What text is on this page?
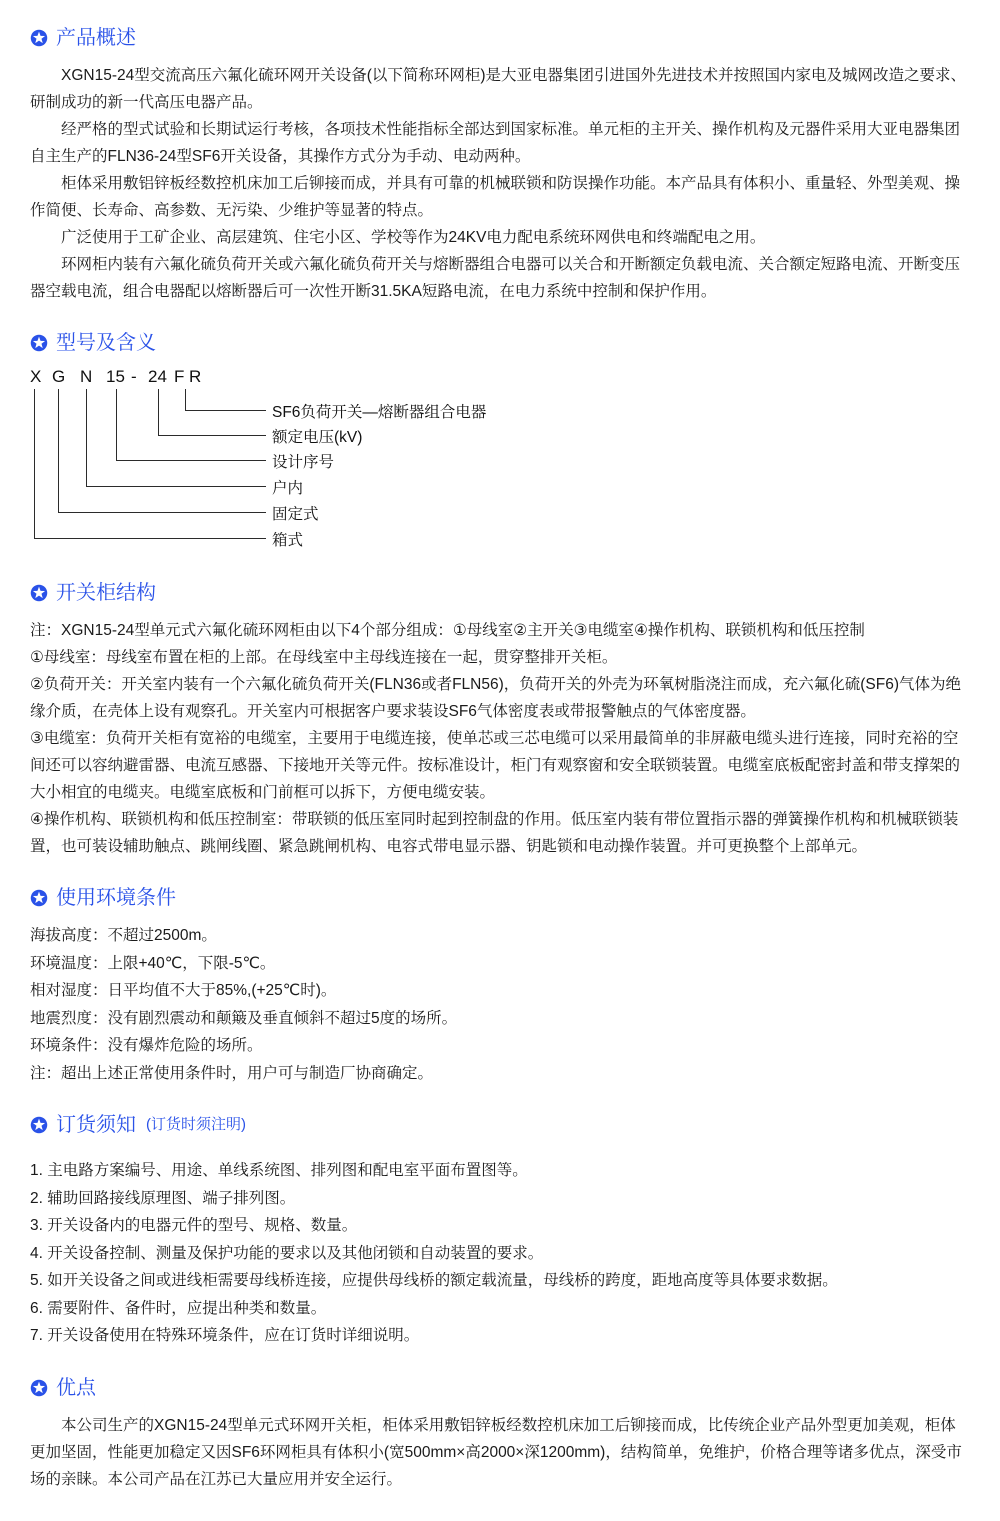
产品概述

XGN15-24型交流高压六氟化硫环网开关设备(以下简称环网柜)是大亚电器集团引进国外先进技术并按照国内家电及城网改造之要求、研制成功的新一代高压电器产品。

经严格的型式试验和长期试运行考核，各项技术性能指标全部达到国家标准。单元柜的主开关、操作机构及元器件采用大亚电器集团自主生产的FLN36-24型SF6开关设备，其操作方式分为手动、电动两种。

柜体采用敷铝锌板经数控机床加工后铆接而成，并具有可靠的机械联锁和防误操作功能。本产品具有体积小、重量轻、外型美观、操作简便、长寿命、高参数、无污染、少维护等显著的特点。

广泛使用于工矿企业、高层建筑、住宅小区、学校等作为24KV电力配电系统环网供电和终端配电之用。

环网柜内装有六氟化硫负荷开关或六氟化硫负荷开关与熔断器组合电器可以关合和开断额定负载电流、关合额定短路电流、开断变压器空载电流，组合电器配以熔断器后可一次性开断31.5KA短路电流，在电力系统中控制和保护作用。

型号及含义
X G N 15 - 24 F R
SF6负荷开关—熔断器组合电器
额定电压(kV)
设计序号
户内
固定式
箱式
开关柜结构

注：XGN15-24型单元式六氟化硫环网柜由以下4个部分组成：①母线室②主开关③电缆室④操作机构、联锁机构和低压控制

①母线室：母线室布置在柜的上部。在母线室中主母线连接在一起，贯穿整排开关柜。

②负荷开关：开关室内装有一个六氟化硫负荷开关(FLN36或者FLN56)，负荷开关的外壳为环氧树脂浇注而成，充六氟化硫(SF6)气体为绝缘介质，在壳体上设有观察孔。开关室内可根据客户要求装设SF6气体密度表或带报警触点的气体密度器。

③电缆室：负荷开关柜有宽裕的电缆室，主要用于电缆连接，使单芯或三芯电缆可以采用最简单的非屏蔽电缆头进行连接，同时充裕的空间还可以容纳避雷器、电流互感器、下接地开关等元件。按标准设计，柜门有观察窗和安全联锁装置。电缆室底板配密封盖和带支撑架的大小相宜的电缆夹。电缆室底板和门前框可以拆下，方便电缆安装。

④操作机构、联锁机构和低压控制室：带联锁的低压室同时起到控制盘的作用。低压室内装有带位置指示器的弹簧操作机构和机械联锁装置，也可装设辅助触点、跳闸线圈、紧急跳闸机构、电容式带电显示器、钥匙锁和电动操作装置。并可更换整个上部单元。

使用环境条件
海拔高度：不超过2500m。
环境温度：上限+40℃，下限-5℃。
相对湿度：日平均值不大于85%,(+25℃时)。
地震烈度：没有剧烈震动和颠簸及垂直倾斜不超过5度的场所。
环境条件：没有爆炸危险的场所。
注：超出上述正常使用条件时，用户可与制造厂协商确定。
订货须知 (订货时须注明)
1. 主电路方案编号、用途、单线系统图、排列图和配电室平面布置图等。
2. 辅助回路接线原理图、端子排列图。
3. 开关设备内的电器元件的型号、规格、数量。
4. 开关设备控制、测量及保护功能的要求以及其他闭锁和自动装置的要求。
5. 如开关设备之间或进线柜需要母线桥连接，应提供母线桥的额定载流量，母线桥的跨度，距地高度等具体要求数据。
6. 需要附件、备件时，应提出种类和数量。
7. 开关设备使用在特殊环境条件，应在订货时详细说明。
优点

本公司生产的XGN15-24型单元式环网开关柜，柜体采用敷铝锌板经数控机床加工后铆接而成，比传统企业产品外型更加美观，柜体更加坚固，性能更加稳定又因SF6环网柜具有体积小(宽500mm×高2000×深1200mm)，结构简单，免维护，价格合理等诸多优点，深受市场的亲睐。本公司产品在江苏已大量应用并安全运行。
